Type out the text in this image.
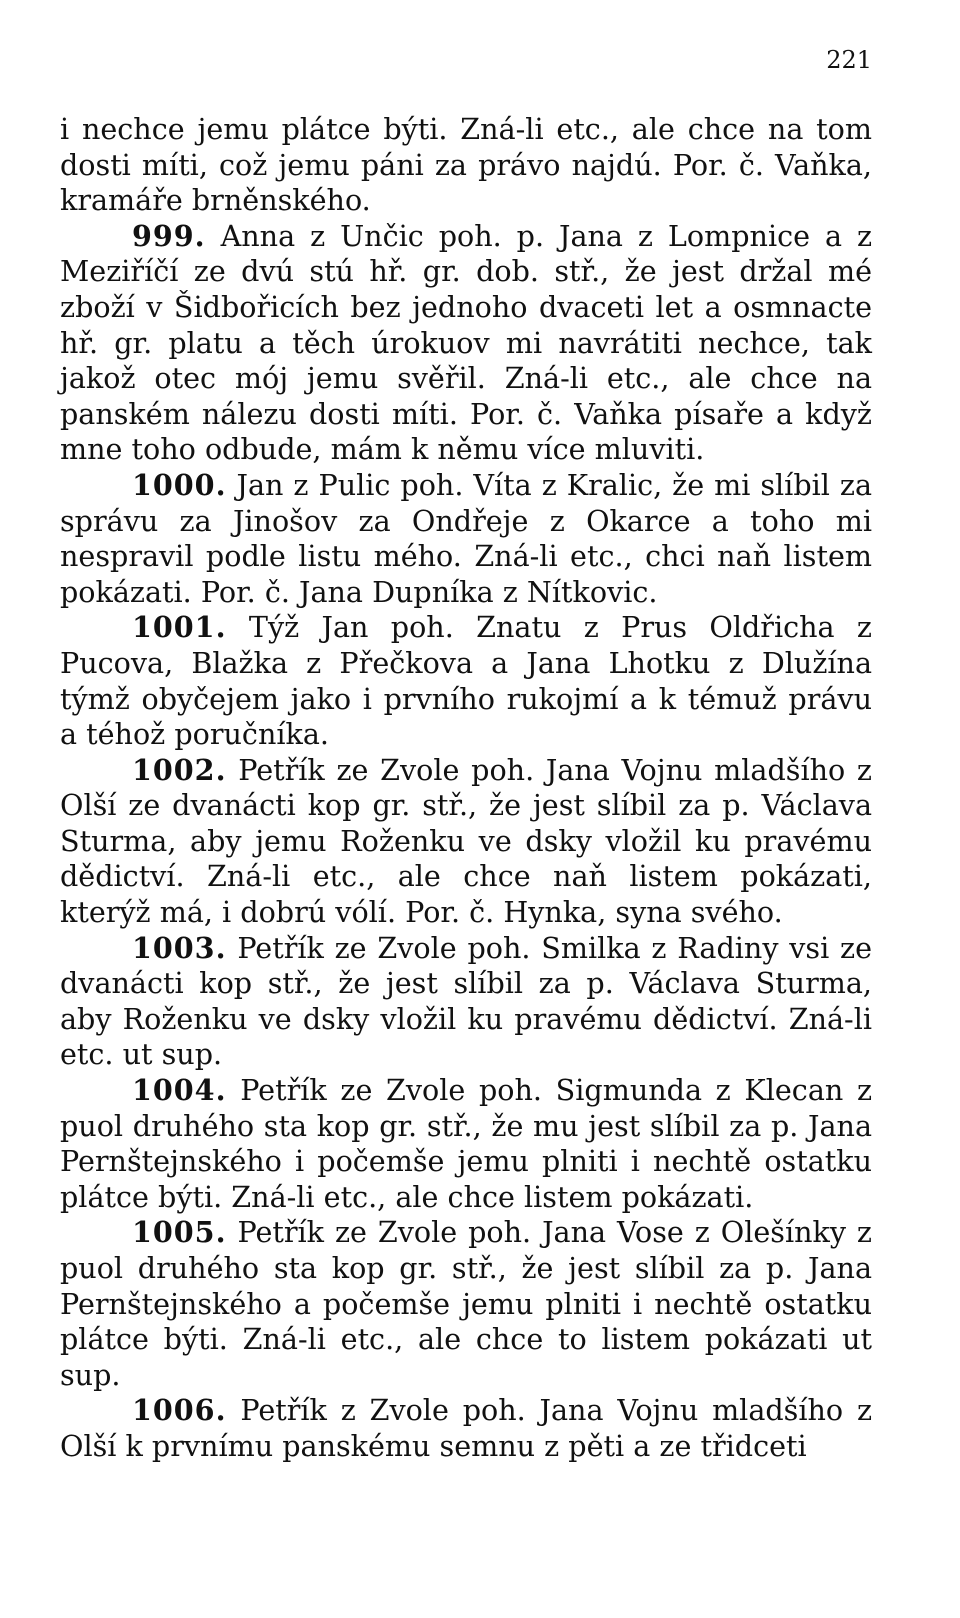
221

i nechce jemu plátce býti. Zná-li etc., ale chce na tom dosti míti, což jemu páni za právo najdú. Por. č. Vaňka, kramáře brněnského.

999. Anna z Unčic poh. p. Jana z Lompnice a z Meziříčí ze dvú stú hř. gr. dob. stř., že jest držal mé zboží v Šidbořicích bez jednoho dvaceti let a osmnacte hř. gr. platu a těch úrokuov mi navrátiti nechce, tak jakož otec mój jemu svěřil. Zná-li etc., ale chce na panském nálezu dosti míti. Por. č. Vaňka písaře a když mne toho odbude, mám k němu více mluviti.

1000. Jan z Pulic poh. Víta z Kralic, že mi slíbil za správu za Jinošov za Ondřeje z Okarce a toho mi nespravil podle listu mého. Zná-li etc., chci naň listem pokázati. Por. č. Jana Dupníka z Nítkovic.

1001. Týž Jan poh. Znatu z Prus Oldřicha z Pucova, Blažka z Přečkova a Jana Lhotku z Dlužína týmž obyčejem jako i prvního rukojmí a k témuž právu a téhož poručníka.

1002. Petřík ze Zvole poh. Jana Vojnu mladšího z Olší ze dvanácti kop gr. stř., že jest slíbil za p. Václava Sturma, aby jemu Roženku ve dsky vložil ku pravému dědictví. Zná-li etc., ale chce naň listem pokázati, kterýž má, i dobrú vólí. Por. č. Hynka, syna svého.

1003. Petřík ze Zvole poh. Smilka z Radiny vsi ze dvanácti kop stř., že jest slíbil za p. Václava Sturma, aby Roženku ve dsky vložil ku pravému dědictví. Zná-li etc. ut sup.

1004. Petřík ze Zvole poh. Sigmunda z Klecan z puol druhého sta kop gr. stř., že mu jest slíbil za p. Jana Pernštejnského i počemše jemu plniti i nechtě ostatku plátce býti. Zná-li etc., ale chce listem pokázati.

1005. Petřík ze Zvole poh. Jana Vose z Olešínky z puol druhého sta kop gr. stř., že jest slíbil za p. Jana Pernštejnského a počemše jemu plniti i nechtě ostatku plátce býti. Zná-li etc., ale chce to listem pokázati ut sup.

1006. Petřík z Zvole poh. Jana Vojnu mladšího z Olší k prvnímu panskému semnu z pěti a ze třidceti
